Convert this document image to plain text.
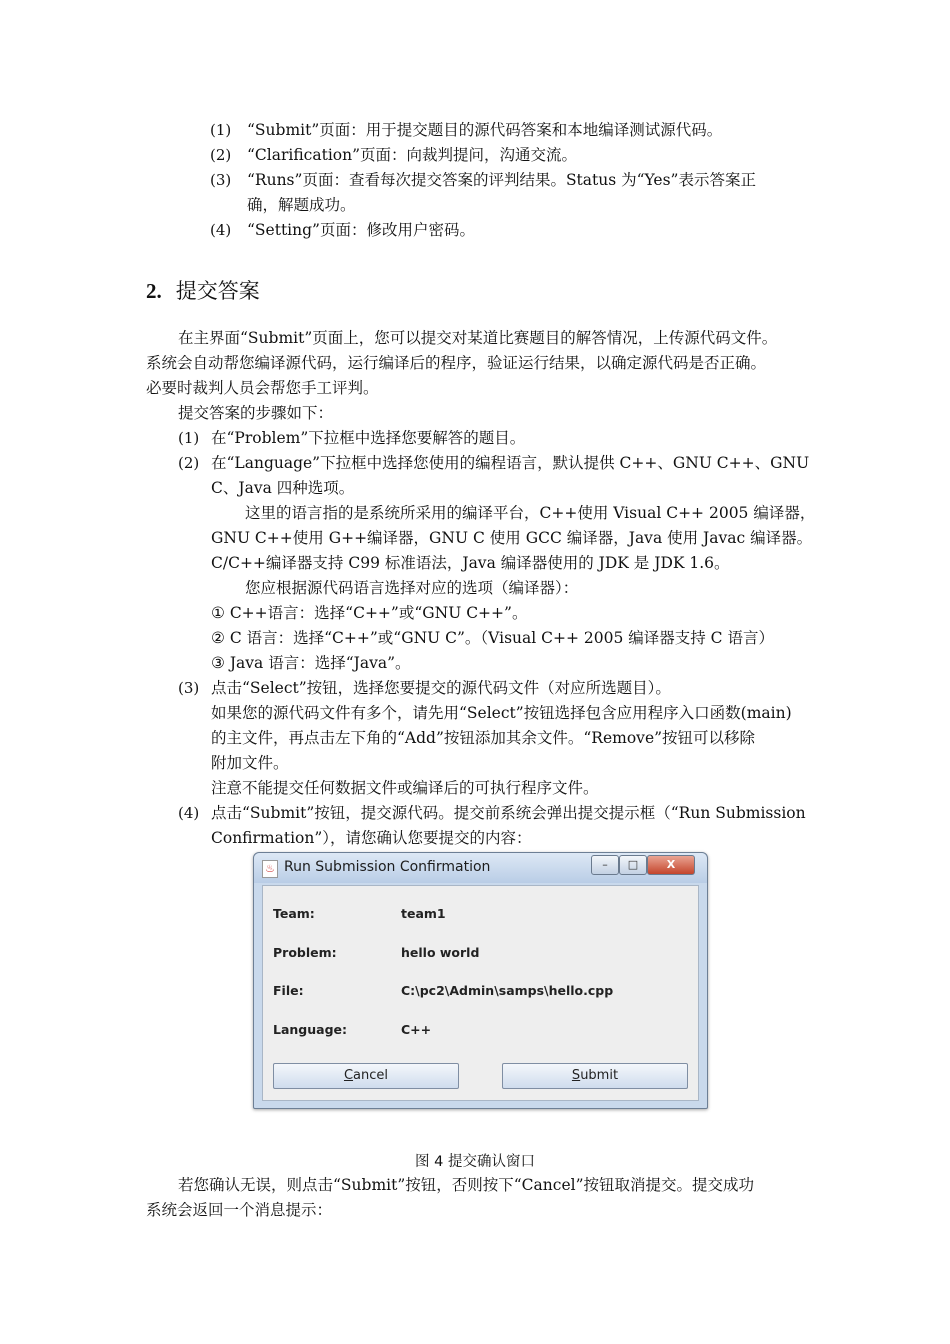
(1) “Submit”页面：用于提交题目的源代码答案和本地编译测试源代码。
(2) “Clarification”页面：向裁判提问，沟通交流。
(3) “Runs”页面：查看每次提交答案的评判结果。Status 为“Yes”表示答案正
确，解题成功。
(4) “Setting”页面：修改用户密码。
2. 提交答案
在主界面“Submit”页面上，您可以提交对某道比赛题目的解答情况，上传源代码文件。
系统会自动帮您编译源代码，运行编译后的程序，验证运行结果，以确定源代码是否正确。
必要时裁判人员会帮您手工评判。
提交答案的步骤如下：
(1) 在“Problem”下拉框中选择您要解答的题目。
(2) 在“Language”下拉框中选择您使用的编程语言，默认提供 C++、GNU C++、GNU
C、Java 四种选项。
这里的语言指的是系统所采用的编译平台，C++使用 Visual C++ 2005 编译器，
GNU C++使用 G++编译器，GNU C 使用 GCC 编译器，Java 使用 Javac 编译器。
C/C++编译器支持 C99 标准语法，Java 编译器使用的 JDK 是 JDK 1.6。
您应根据源代码语言选择对应的选项（编译器）：
① C++语言：选择“C++”或“GNU C++”。
② C 语言：选择“C++”或“GNU C”。（Visual C++ 2005 编译器支持 C 语言）
③ Java 语言：选择“Java”。
(3) 点击“Select”按钮，选择您要提交的源代码文件（对应所选题目）。
如果您的源代码文件有多个，请先用“Select”按钮选择包含应用程序入口函数(main)
的主文件，再点击左下角的“Add”按钮添加其余文件。“Remove”按钮可以移除
附加文件。
注意不能提交任何数据文件或编译后的可执行程序文件。
(4) 点击“Submit”按钮，提交源代码。提交前系统会弹出提交提示框（“Run Submission
Confirmation”），请您确认您要提交的内容：
♨ Run Submission Confirmation	–	□	X
Team:	team1
Problem:	hello world
File:	C:\pc2\Admin\samps\hello.cpp
Language:	C++
Cancel	Submit
图 4 提交确认窗口
若您确认无误，则点击“Submit”按钮，否则按下“Cancel”按钮取消提交。提交成功
系统会返回一个消息提示：
